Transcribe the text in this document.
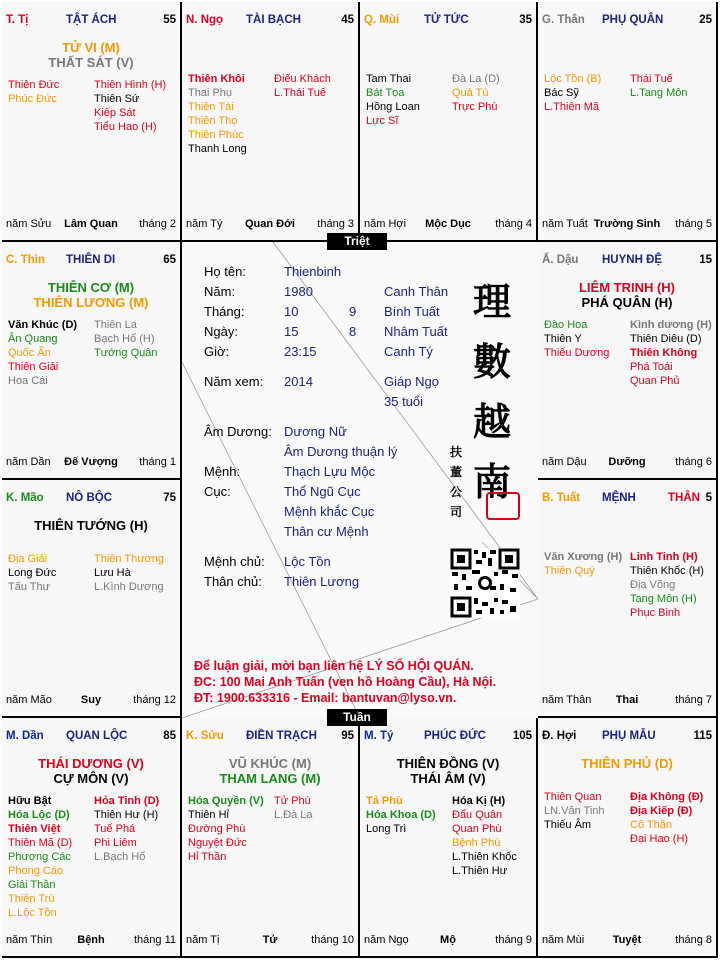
T. Tị	TẬT ÁCH	55
TỬ VI (M)
THẤT SÁT (V)
Thiên Đức
Phúc Đức
Thiên Hình (H)
Thiên Sứ
Kiếp Sát
Tiểu Hao (H)
năm Sửu	Lâm Quan	tháng 2
N. Ngọ TÀI BẠCH	45
Thiên Khôi
Thai Phụ
Thiên Tài
Thiên Thọ
Thiên Phúc
Thanh Long
Điếu Khách
L.Thái Tuế
năm Tý	Quan Đới	tháng 3
Q. Mùi TỬ TỨC	35
Tam Thai
Bát Tọa
Hồng Loan
Lực Sĩ
Đà La (D)
Quả Tú
Trực Phù
năm Hợi	Mộc Dục	tháng 4
G. Thân PHỤ QUÂN	25
Lộc Tồn (B)
Bác Sỹ
L.Thiên Mã
Thái Tuế
L.Tang Môn
năm Tuất Trường Sinh	tháng 5
C. Thìn THIÊN DI	65
THIÊN CƠ (M)
THIÊN LƯƠNG (M)
Văn Khúc (D)
Ân Quang
Quốc Ấn
Thiên Giải
Hoa Cái
Thiên La
Bạch Hổ (H)
Tướng Quân
năm Dần	Đế Vượng	tháng 1
Ấ. Dậu HUYNH ĐỆ	15
LIÊM TRINH (H)
PHÁ QUÂN (H)
Đào Hoa
Thiên Y
Thiếu Dương
Kình dương (H)
Thiên Diêu (D)
Thiên Không
Phá Toái
Quan Phủ
năm Dậu	Dưỡng	tháng 6
K. Mão NÔ BỘC	75
THIÊN TƯỚNG (H)
Địa Giải
Long Đức
Tấu Thư
Thiên Thương
Lưu Hà
L.Kình Dương
năm Mão	Suy	tháng 12
B. Tuất MỆNH	THÂN 5
Văn Xương (H)
Thiên Quý
Linh Tinh (H)
Thiên Khốc (H)
Địa Võng
Tang Môn (H)
Phục Binh
năm Thân	Thai	tháng 7
M. Dần QUAN LỘC	85
THÁI DƯƠNG (V)
CỰ MÔN (V)
Hữu Bật
Hóa Lộc (D)
Thiên Việt
Thiên Mã (D)
Phượng Các
Phong Cáo
Giải Thần
Thiên Trù
L.Lộc Tồn
Hỏa Tinh (D)
Thiên Hư (H)
Tuế Phá
Phi Liêm
L.Bạch Hổ
năm Thìn	Bệnh	tháng 11
K. Sửu ĐIỀN TRẠCH 95
VŨ KHÚC (M)
THAM LANG (M)
Hóa Quyền (V)
Thiên Hỉ
Đường Phù
Nguyệt Đức
Hỉ Thần
Tử Phù
L.Đà La
năm Tị	Tử	tháng 10
M. Tý	PHÚC ĐỨC 105
THIÊN ĐỒNG (V)
THÁI ÂM (V)
Tả Phù
Hóa Khoa (D)
Long Trì
Hóa Kị (H)
Đẩu Quân
Quan Phù
Bệnh Phù
L.Thiên Khốc
L.Thiên Hư
năm Ngọ	Mộ	tháng 9
Đ. Hợi PHỤ MẪU	115
THIÊN PHỦ (D)
Thiên Quan
LN.Văn Tinh
Thiếu Âm
Địa Không (Đ)
Địa Kiếp (Đ)
Cô Thần
Đại Hao (H)
năm Mùi	Tuyệt	tháng 8
Họ tên:	Thienbinh
Năm:	1980	Canh Thân
Tháng:	10	9 Bính Tuất
Ngày:	15	8 Nhâm Tuất
Giờ:	23:15	Canh Tý
Năm xem: 2014	Giáp Ngọ
35 tuổi
Âm Dương: Dương Nữ
Âm Dương thuận lý
Mệnh:	Thạch Lựu Mộc
Cục:	Thổ Ngũ Cục
Mệnh khắc Cục
Thân cư Mệnh
Mệnh chủ: Lộc Tồn
Thân chủ: Thiên Lương
理
數
越
南
扶
董
公
司
Để luận giải, mời bạn liên hệ LÝ SỐ HỘI QUÁN.
ĐC: 100 Mai Anh Tuấn (ven hồ Hoàng Cầu), Hà Nội.
ĐT: 1900.633316 - Email: bantuvan@lyso.vn.
Triệt
Tuần
